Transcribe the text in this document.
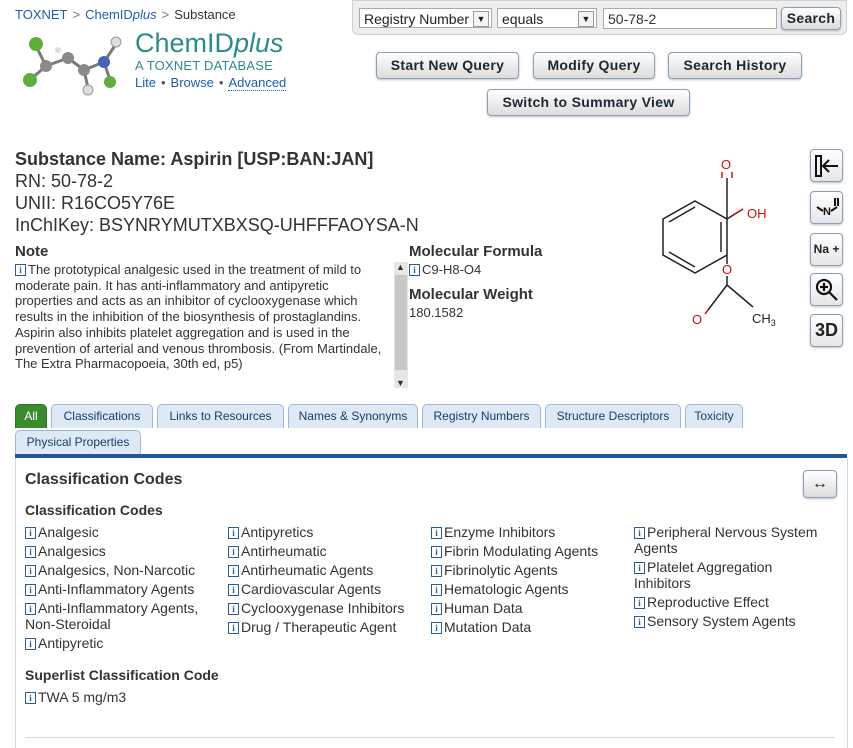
TOXNET > ChemIDplus > Substance
ChemIDplus
A TOXNET DATABASE
Lite • Browse • Advanced
Registry Number ▼	equals	▼	50-78-2	Search
Start New Query	Modify Query	Search History
Switch to Summary View
Substance Name: Aspirin [USP:BAN:JAN]
RN: 50-78-2
UNII: R16CO5Y76E
InChIKey: BSYNRYMUTXBXSQ-UHFFFAOYSA-N
Note
i The prototypical analgesic used in the treatment of mild to moderate pain. It has anti-inflammatory and antipyretic properties and acts as an inhibitor of cyclooxygenase which results in the inhibition of the biosynthesis of prostaglandins. Aspirin also inhibits platelet aggregation and is used in the prevention of arterial and venous thrombosis. (From Martindale, The Extra Pharmacopoeia, 30th ed, p5)
▲
▼
Molecular Formula
i C9-H8-O4
Molecular Weight
180.1582
O
OH
O
O	$CH_3$
N
Na +
3D
All	Classifications	Links to Resources	Names & Synonyms	Registry Numbers	Structure Descriptors	Toxicity
Physical Properties
Classification Codes	↔
Classification Codes
i Analgesic
i Analgesics
i Analgesics, Non-Narcotic
i Anti-Inflammatory Agents
i Anti-Inflammatory Agents, Non-Steroidal
i Antipyretic
i Antipyretics
i Antirheumatic
i Antirheumatic Agents
i Cardiovascular Agents
i Cyclooxygenase Inhibitors
i Drug / Therapeutic Agent
i Enzyme Inhibitors
i Fibrin Modulating Agents
i Fibrinolytic Agents
i Hematologic Agents
i Human Data
i Mutation Data
i Peripheral Nervous System Agents
i Platelet Aggregation Inhibitors
i Reproductive Effect
i Sensory System Agents
Superlist Classification Code
i TWA 5 mg/m3
